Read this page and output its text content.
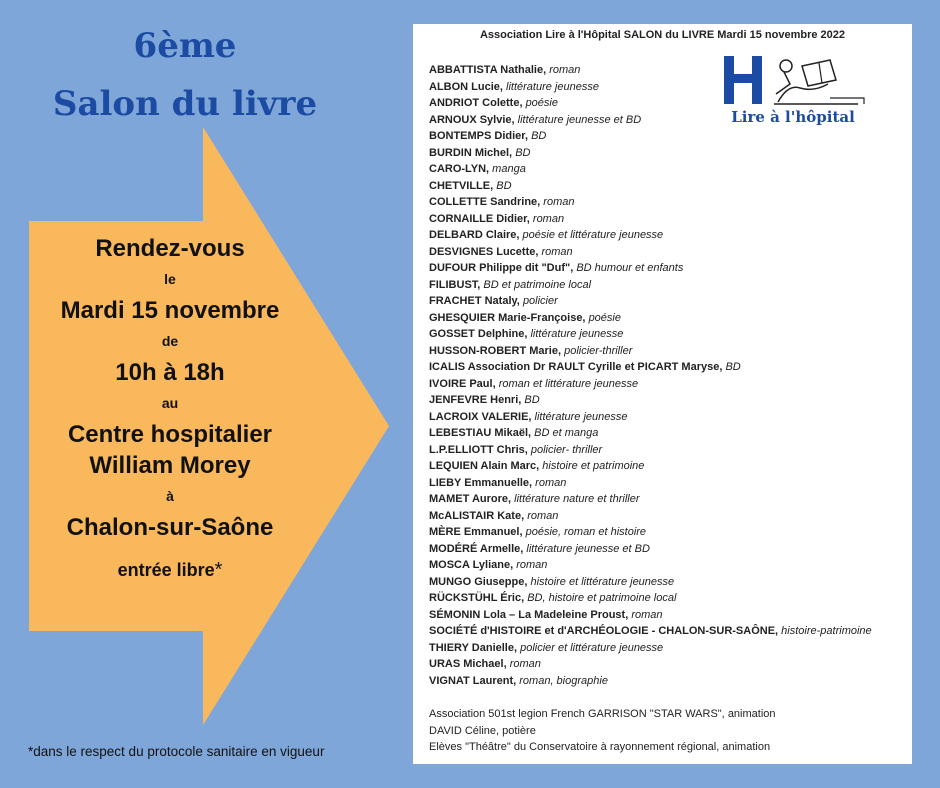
6ème
Salon du livre
Rendez-vous
le
Mardi 15 novembre
de
10h à 18h
au
Centre hospitalier
William Morey
à
Chalon-sur-Saône
entrée libre*
*dans le respect du protocole sanitaire en vigueur
Association Lire à l'Hôpital SALON du LIVRE Mardi 15 novembre 2022
Lire à l'hôpital
ABBATTISTA Nathalie, roman
ALBON Lucie, littérature jeunesse
ANDRIOT Colette, poésie
ARNOUX Sylvie, littérature jeunesse et BD
BONTEMPS Didier, BD
BURDIN Michel, BD
CARO-LYN, manga
CHETVILLE, BD
COLLETTE Sandrine, roman
CORNAILLE Didier, roman
DELBARD Claire, poésie et littérature jeunesse
DESVIGNES Lucette, roman
DUFOUR Philippe dit "Duf", BD humour et enfants
FILIBUST, BD et patrimoine local
FRACHET Nataly, policier
GHESQUIER Marie-Françoise, poésie
GOSSET Delphine, littérature jeunesse
HUSSON-ROBERT Marie, policier-thriller
ICALIS Association Dr RAULT Cyrille et PICART Maryse, BD
IVOIRE Paul, roman et littérature jeunesse
JENFEVRE Henri, BD
LACROIX VALERIE, littérature jeunesse
LEBESTIAU Mikaël, BD et manga
L.P.ELLIOTT Chris, policier- thriller
LEQUIEN Alain Marc, histoire et patrimoine
LIEBY Emmanuelle, roman
MAMET Aurore, littérature nature et thriller
McALISTAIR Kate, roman
MÈRE Emmanuel, poésie, roman et histoire
MODÉRÉ Armelle, littérature jeunesse et BD
MOSCA Lyliane, roman
MUNGO Giuseppe, histoire et littérature jeunesse
RÜCKSTÜHL Éric, BD, histoire et patrimoine local
SÉMONIN Lola – La Madeleine Proust, roman
SOCIÉTÉ d'HISTOIRE et d'ARCHÉOLOGIE - CHALON-SUR-SAÔNE, histoire-patrimoine
THIERY Danielle, policier et littérature jeunesse
URAS Michael, roman
VIGNAT Laurent, roman, biographie
Association 501st legion French GARRISON "STAR WARS", animation
DAVID Céline, potière
Elèves "Théâtre" du Conservatoire à rayonnement régional, animation
